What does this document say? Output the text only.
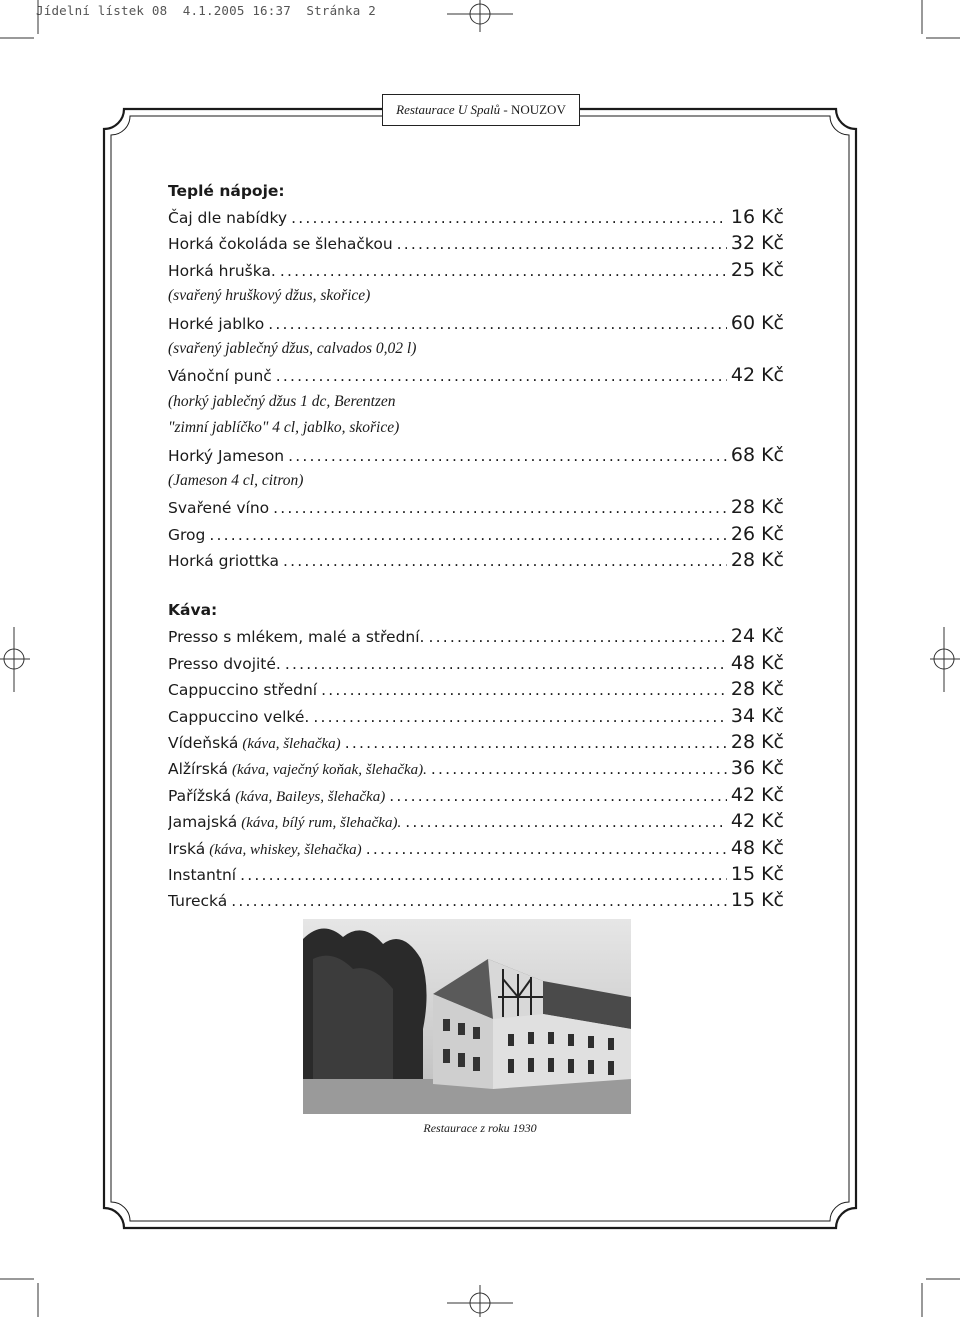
Jídelní lístek 08  4.1.2005 16:37  Stránka 2
Restaurace U Spalů -
NOUZOV
Teplé nápoje:
Čaj dle nabídky .....	16 Kč
Horká čokoláda se šlehačkou .....	32 Kč
Horká hruška. .....	25 Kč
(svařený hruškový džus, skořice)
Horké jablko .....	60 Kč
(svařený jablečný džus, calvados 0,02 l)
Vánoční punč .....	42 Kč
(horký jablečný džus 1 dc, Berentzen
"zimní jablíčko" 4 cl, jablko, skořice)
Horký Jameson .....	68 Kč
(Jameson 4 cl, citron)
Svařené víno .....	28 Kč
Grog .....	26 Kč
Horká griottka .....	28 Kč
Káva:
Presso s mlékem, malé a střední. .....	24 Kč
Presso dvojité. .....	48 Kč
Cappuccino střední .....	28 Kč
Cappuccino velké. .....	34 Kč
Vídeňská (káva, šlehačka) .....	28 Kč
Alžírská (káva, vaječný koňak, šlehačka). .....	36 Kč
Pařížská (káva, Baileys, šlehačka) .....	42 Kč
Jamajská (káva, bílý rum, šlehačka). .....	42 Kč
Irská (káva, whiskey, šlehačka) .....	48 Kč
Instantní .....	15 Kč
Turecká .....	15 Kč
Restaurace z roku 1930
